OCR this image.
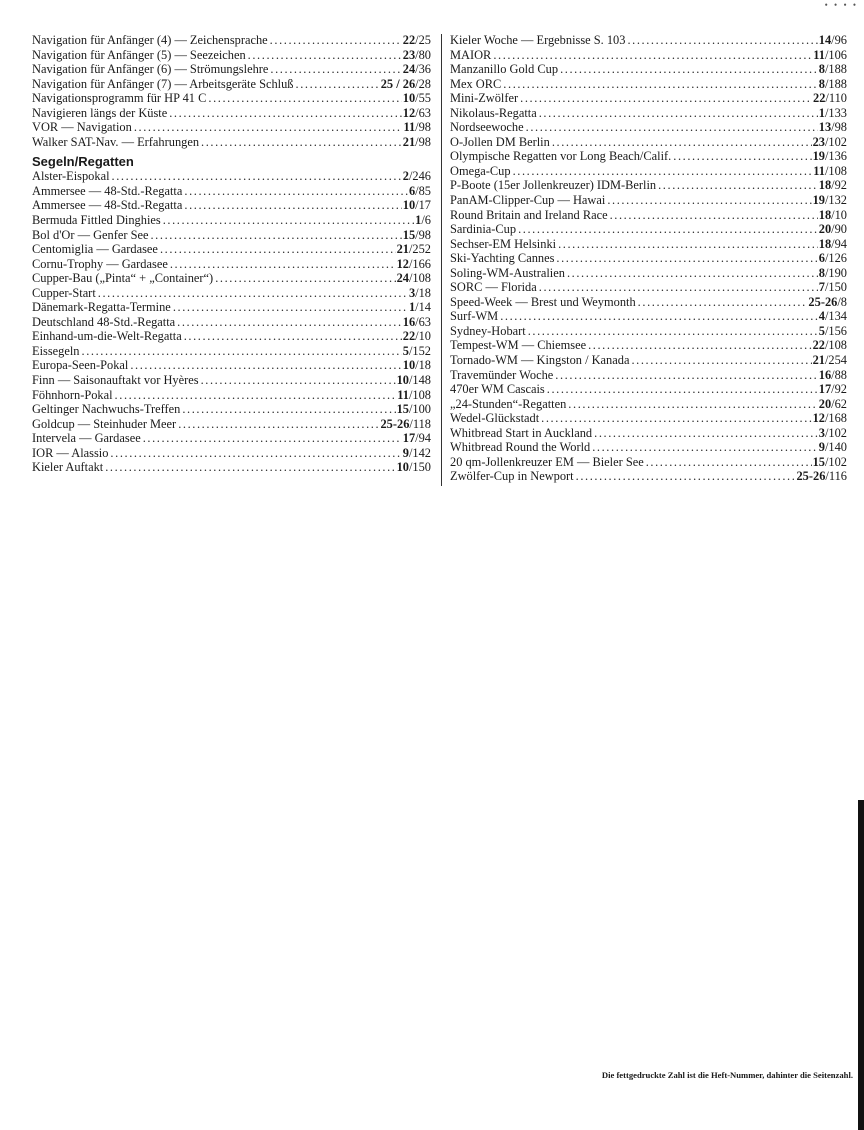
• • • •
Navigation für Anfänger (4) — Zeichensprache .....	22/25
Navigation für Anfänger (5) — Seezeichen .....	23/80
Navigation für Anfänger (6) — Strömungslehre .....	24/36
Navigation für Anfänger (7) — Arbeitsgeräte Schluß .....	25 / 26/28
Navigationsprogramm für HP 41 C .....	10/55
Navigieren längs der Küste .....	12/63
VOR — Navigation .....	11/98
Walker SAT-Nav. — Erfahrungen .....	21/98
Segeln/Regatten
Alster-Eispokal .....	2/246
Ammersee — 48-Std.-Regatta .....	6/85
Ammersee — 48-Std.-Regatta .....	10/17
Bermuda Fittled Dinghies .....	1/6
Bol d'Or — Genfer See .....	15/98
Centomiglia — Gardasee .....	21/252
Cornu-Trophy — Gardasee .....	12/166
Cupper-Bau („Pinta“ + „Container“) .....	24/108
Cupper-Start .....	3/18
Dänemark-Regatta-Termine .....	1/14
Deutschland 48-Std.-Regatta .....	16/63
Einhand-um-die-Welt-Regatta .....	22/10
Eissegeln .....	5/152
Europa-Seen-Pokal .....	10/18
Finn — Saisonauftakt vor Hyères .....	10/148
Föhnhorn-Pokal .....	11/108
Geltinger Nachwuchs-Treffen .....	15/100
Goldcup — Steinhuder Meer .....	25-26/118
Intervela — Gardasee .....	17/94
IOR — Alassio .....	9/142
Kieler Auftakt .....	10/150
Kieler Woche — Ergebnisse S. 103 .....	14/96
MAIOR .....	11/106
Manzanillo Gold Cup .....	8/188
Mex ORC .....	8/188
Mini-Zwölfer .....	22/110
Nikolaus-Regatta .....	1/133
Nordseewoche .....	13/98
O-Jollen DM Berlin .....	23/102
Olympische Regatten vor Long Beach/Calif. .....	19/136
Omega-Cup .....	11/108
P-Boote (15er Jollenkreuzer) IDM-Berlin .....	18/92
PanAM-Clipper-Cup — Hawai .....	19/132
Round Britain and Ireland Race .....	18/10
Sardinia-Cup .....	20/90
Sechser-EM Helsinki .....	18/94
Ski-Yachting Cannes .....	6/126
Soling-WM-Australien .....	8/190
SORC — Florida .....	7/150
Speed-Week — Brest und Weymonth .....	25-26/8
Surf-WM .....	4/134
Sydney-Hobart .....	5/156
Tempest-WM — Chiemsee .....	22/108
Tornado-WM — Kingston / Kanada .....	21/254
Travemünder Woche .....	16/88
470er WM Cascais .....	17/92
„24-Stunden“-Regatten .....	20/62
Wedel-Glückstadt .....	12/168
Whitbread Start in Auckland .....	3/102
Whitbread Round the World .....	9/140
20 qm-Jollenkreuzer EM — Bieler See .....	15/102
Zwölfer-Cup in Newport .....	25-26/116
Die fettgedruckte Zahl ist die Heft-Nummer, dahinter die Seitenzahl.
